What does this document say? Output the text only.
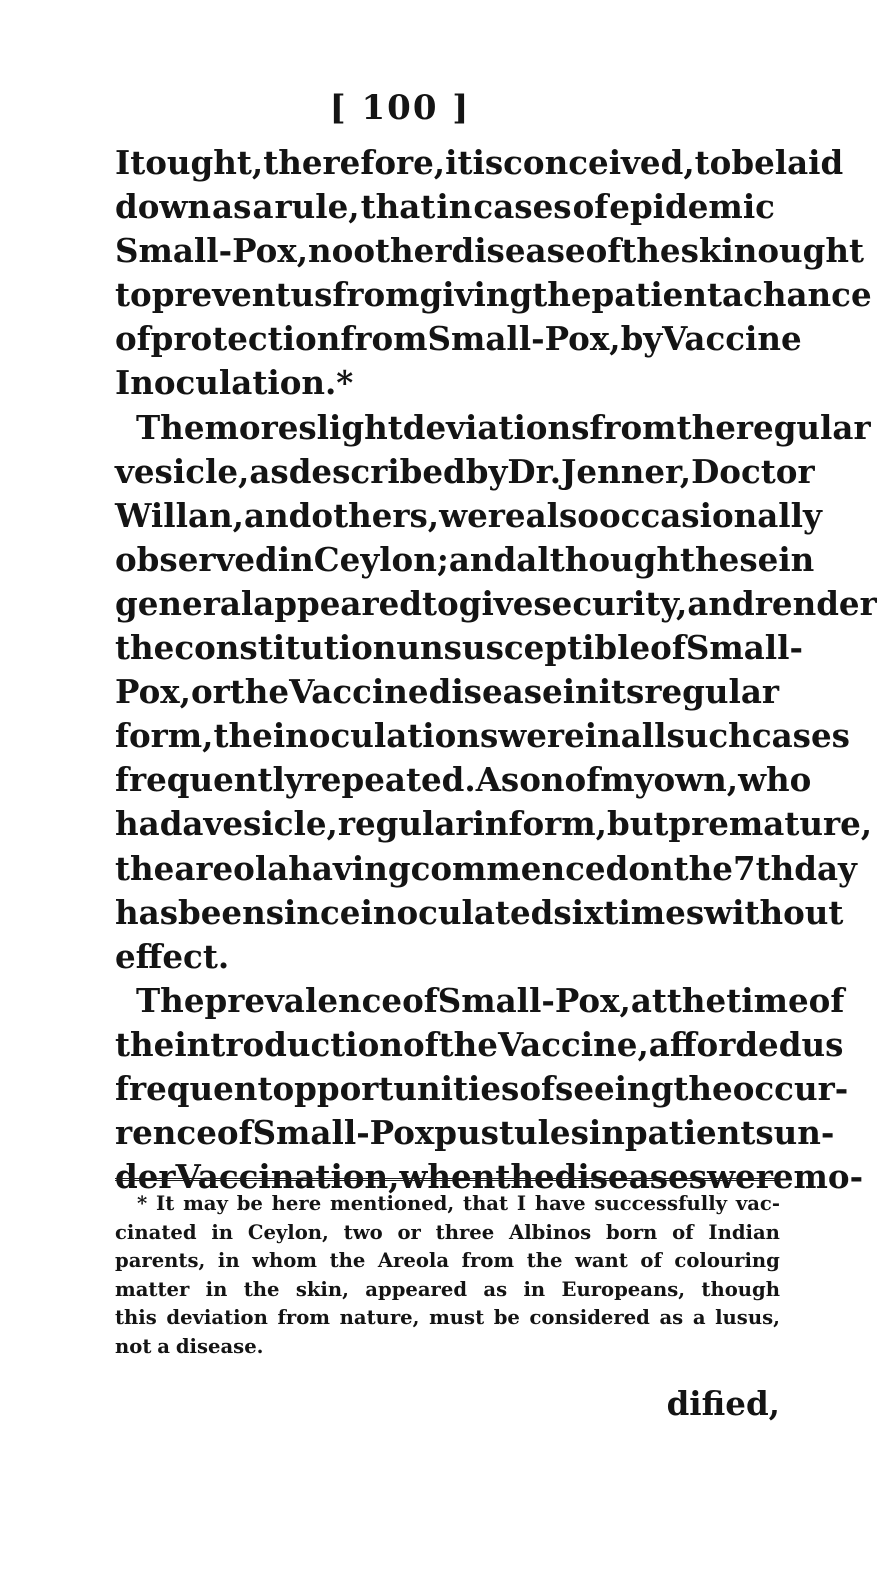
[ 100 ]
It ought, therefore, it is conceived, to be laid
down as a rule, that in cases of epidemic
Small-Pox, no other disease of the skin ought
to prevent us from giving the patient a chance
of protection from Small-Pox, by Vaccine
Inoculation.*
The more slight deviations from the regular
vesicle, as described by Dr. Jenner, Doctor
Willan, and others, were also occasionally
observed in Ceylon ; and although these in
general appeared to give security, and render
the constitution unsusceptible of Small-
Pox, or the Vaccine disease in its regular
form, the inoculations were in all such cases
frequently repeated. A son of my own, who
had a vesicle, regular in form, but premature,
the areola having commenced on the 7th day
has been since inoculated six times without
effect.
The prevalence of Small-Pox, at the time of
the introduction of the Vaccine, afforded us
frequent opportunities of seeing the occur-
rence of Small-Pox pustules in patients un-
der Vaccination, when the diseases were mo-
* It may be here mentioned, that I have successfully vac-
cinated in Ceylon, two or three Albinos born of Indian
parents, in whom the Areola from the want of colouring
matter in the skin, appeared as in Europeans, though
this deviation from nature, must be considered as a lusus,
not a disease.
dified,
